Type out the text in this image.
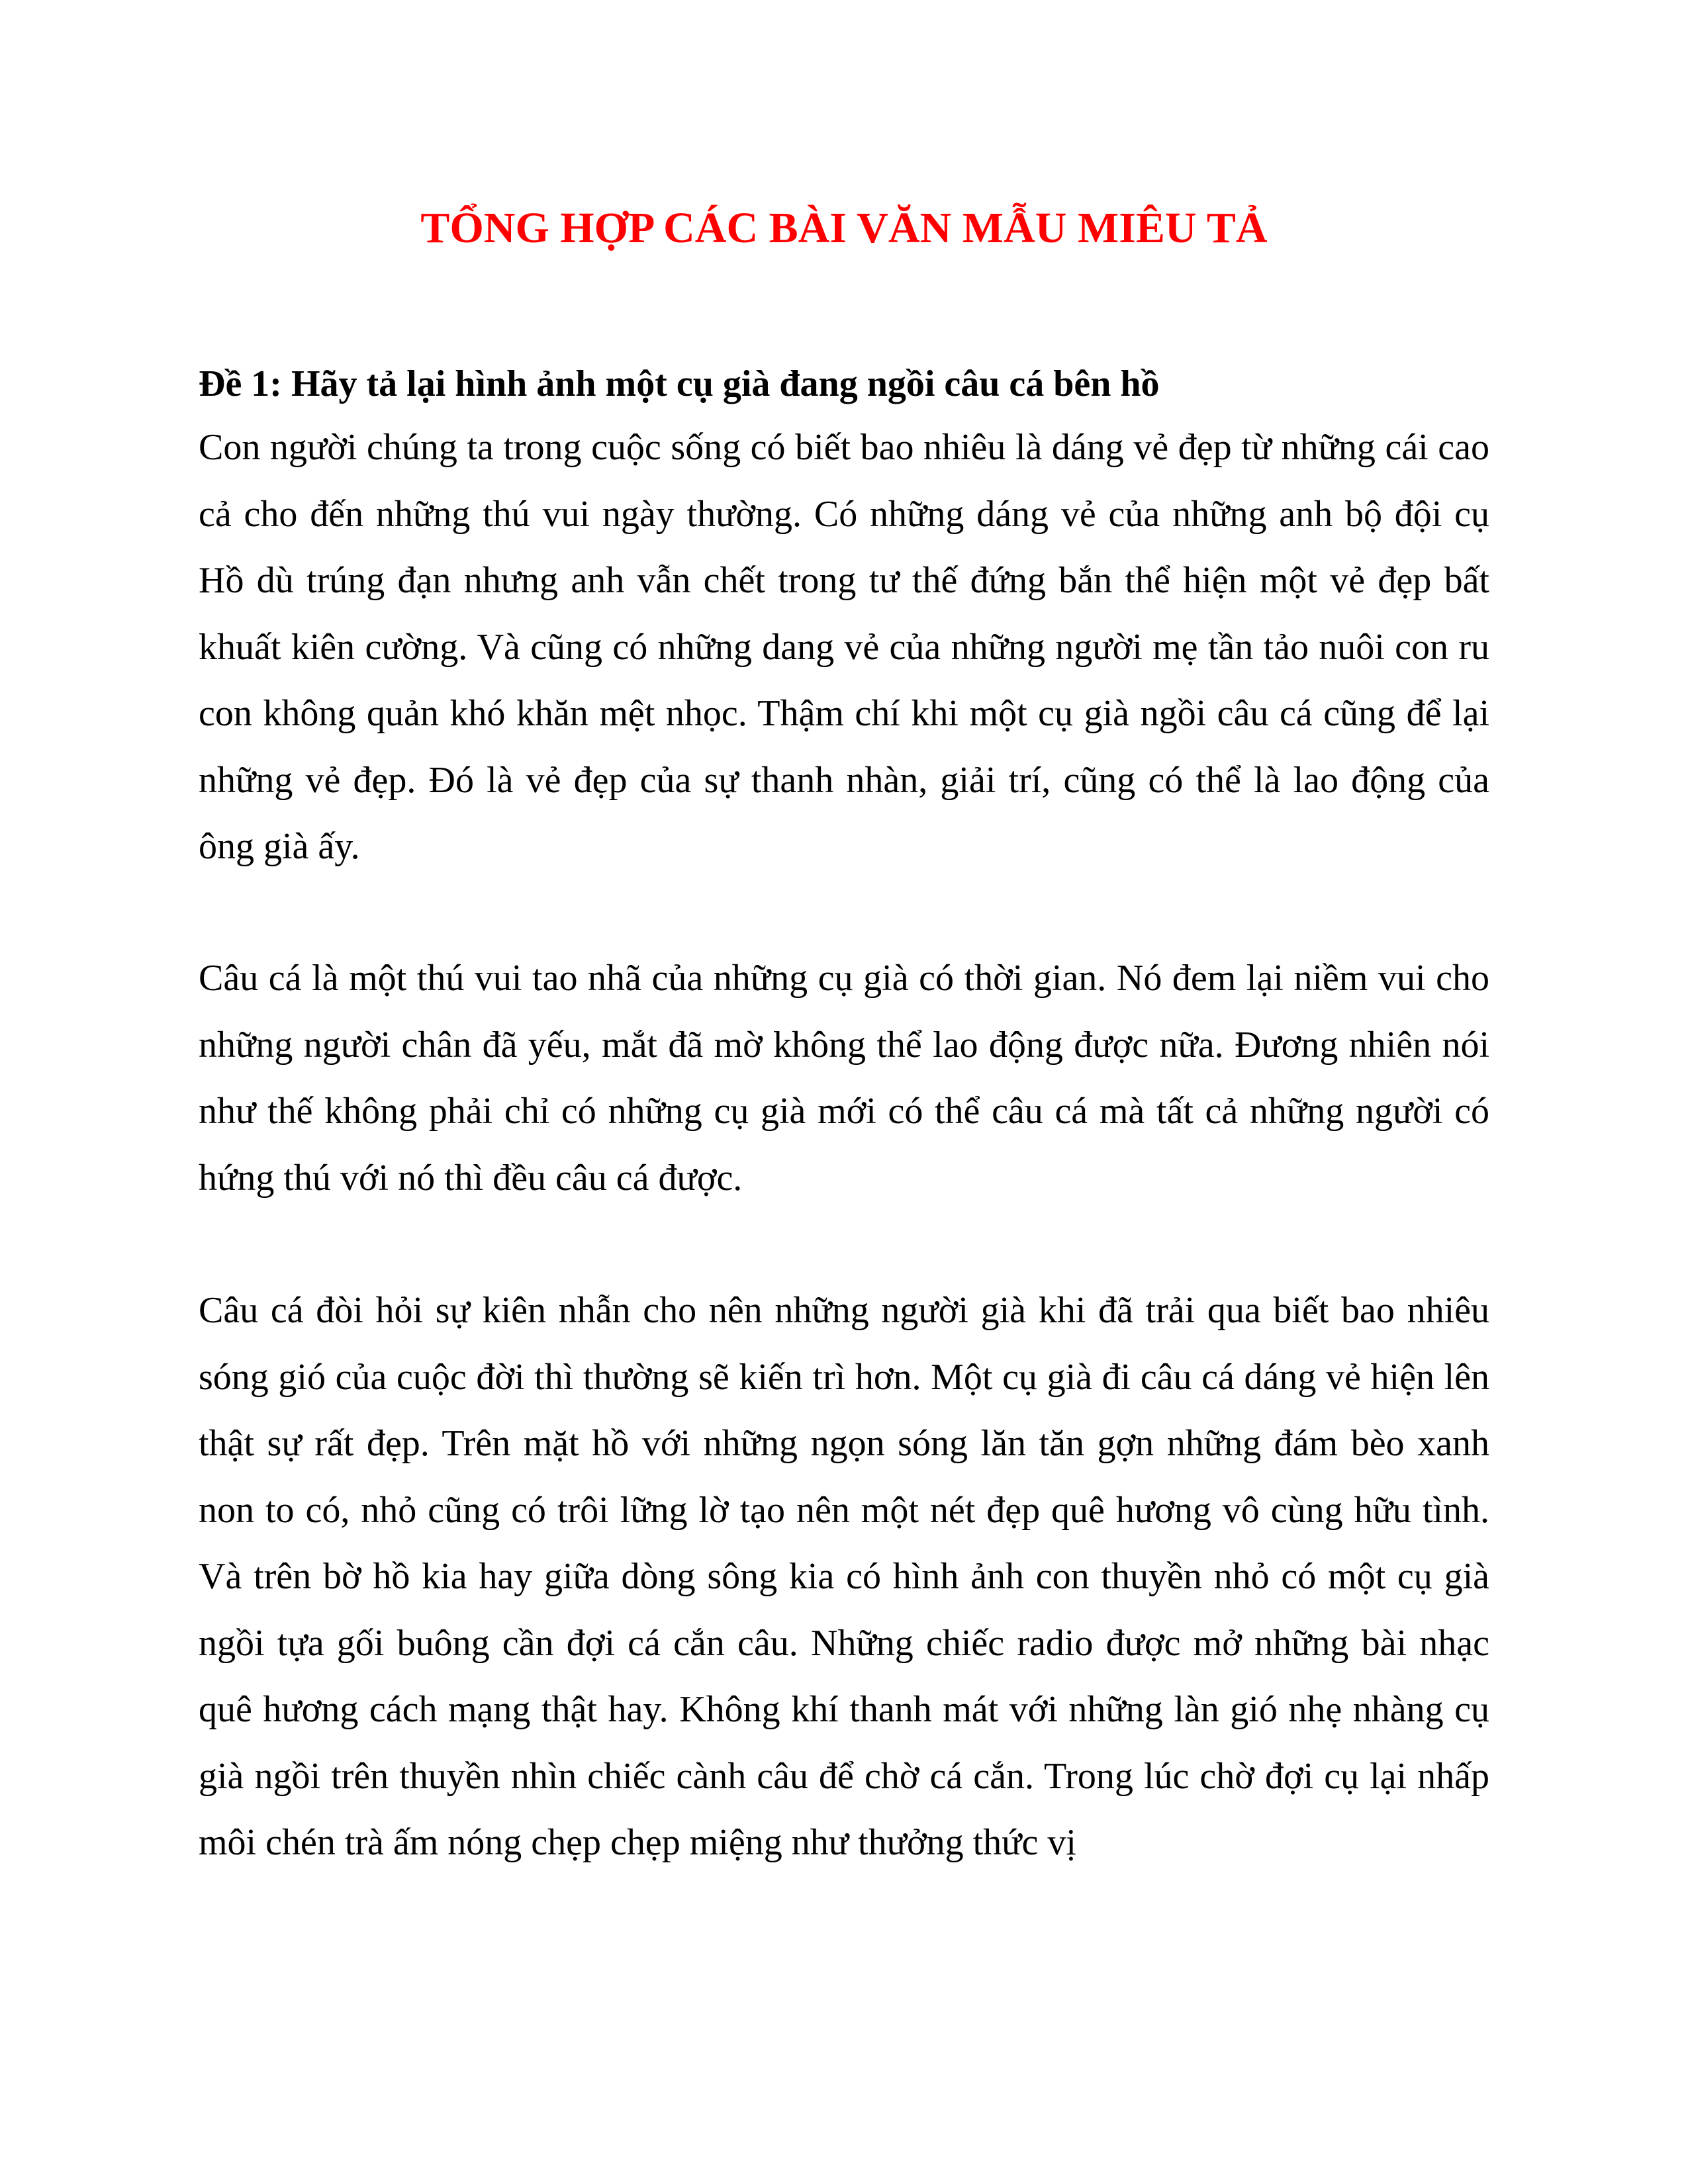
TỔNG HỢP CÁC BÀI VĂN MẪU MIÊU TẢ
Đề 1: Hãy tả lại hình ảnh một cụ già đang ngồi câu cá bên hồ

Con người chúng ta trong cuộc sống có biết bao nhiêu là dáng vẻ đẹp từ những cái cao cả cho đến những thú vui ngày thường. Có những dáng vẻ của những anh bộ đội cụ Hồ dù trúng đạn nhưng anh vẫn chết trong tư thế đứng bắn thể hiện một vẻ đẹp bất khuất kiên cường. Và cũng có những dang vẻ của những người mẹ tần tảo nuôi con ru con không quản khó khăn mệt nhọc. Thậm chí khi một cụ già ngồi câu cá cũng để lại những vẻ đẹp. Đó là vẻ đẹp của sự thanh nhàn, giải trí, cũng có thể là lao động của ông già ấy.

Câu cá là một thú vui tao nhã của những cụ già có thời gian. Nó đem lại niềm vui cho những người chân đã yếu, mắt đã mờ không thể lao động được nữa. Đương nhiên nói như thế không phải chỉ có những cụ già mới có thể câu cá mà tất cả những người có hứng thú với nó thì đều câu cá được.

Câu cá đòi hỏi sự kiên nhẫn cho nên những người già khi đã trải qua biết bao nhiêu sóng gió của cuộc đời thì thường sẽ kiến trì hơn. Một cụ già đi câu cá dáng vẻ hiện lên thật sự rất đẹp. Trên mặt hồ với những ngọn sóng lăn tăn gợn những đám bèo xanh non to có, nhỏ cũng có trôi lững lờ tạo nên một nét đẹp quê hương vô cùng hữu tình. Và trên bờ hồ kia hay giữa dòng sông kia có hình ảnh con thuyền nhỏ có một cụ già ngồi tựa gối buông cần đợi cá cắn câu. Những chiếc radio được mở những bài nhạc quê hương cách mạng thật hay. Không khí thanh mát với những làn gió nhẹ nhàng cụ già ngồi trên thuyền nhìn chiếc cành câu để chờ cá cắn. Trong lúc chờ đợi cụ lại nhấp môi chén trà ấm nóng chẹp chẹp miệng như thưởng thức vị
